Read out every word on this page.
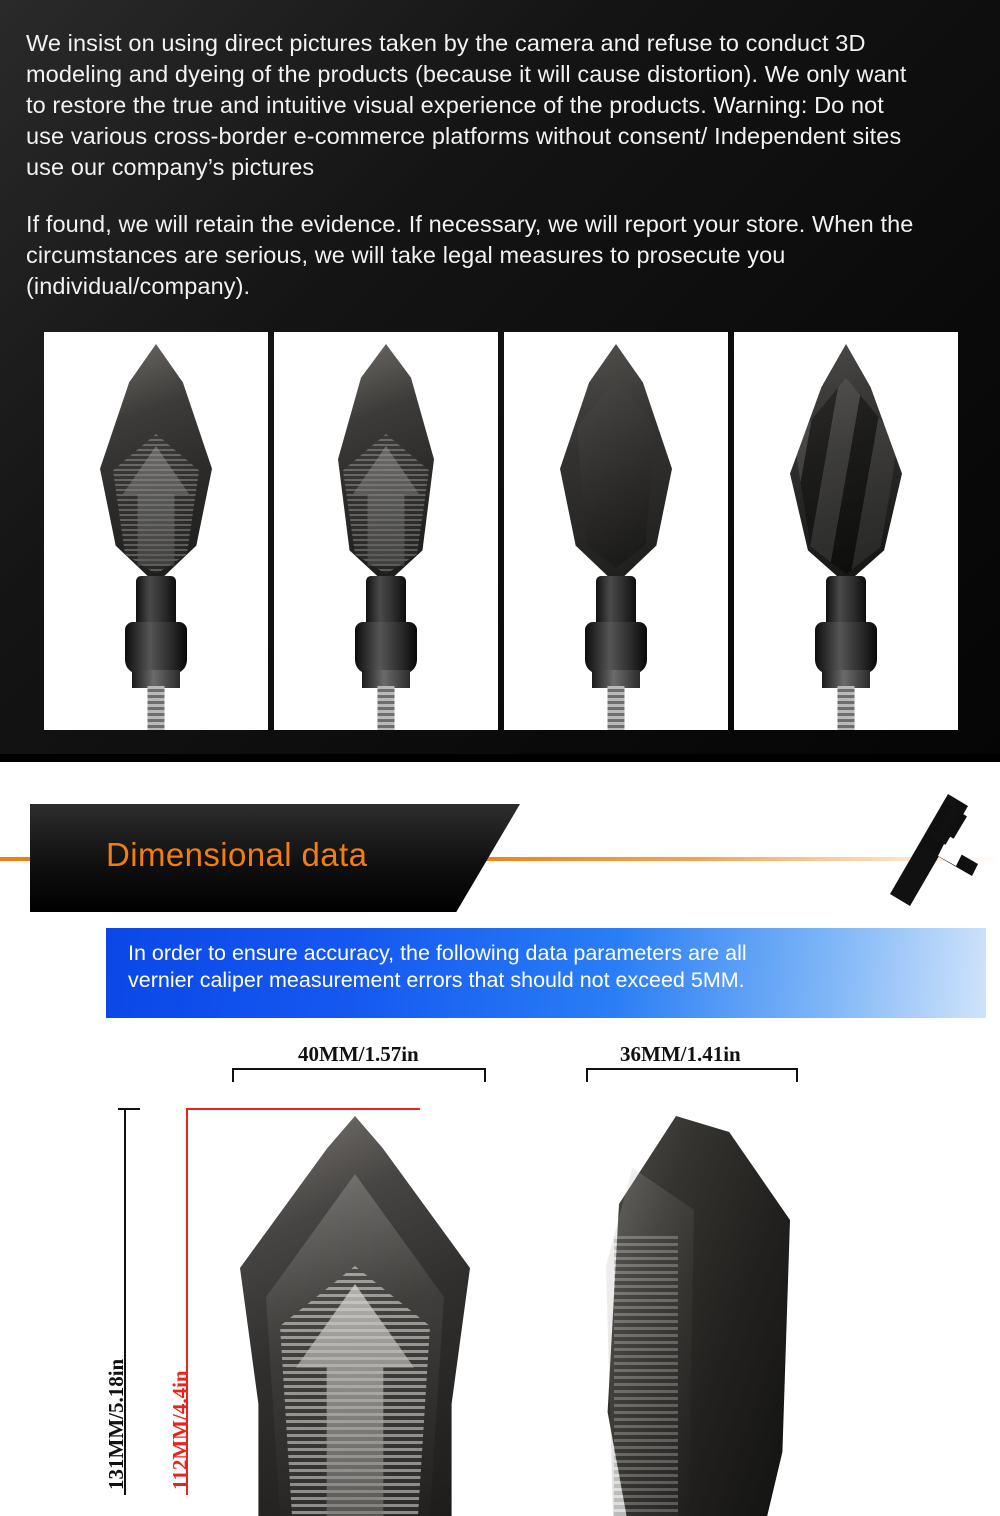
We insist on using direct pictures taken by the camera and refuse to conduct 3D modeling and dyeing of the products (because it will cause distortion). We only want to restore the true and intuitive visual experience of the products. Warning: Do not use various cross-border e-commerce platforms without consent/ Independent sites use our company’s pictures

If found, we will retain the evidence. If necessary, we will report your store. When the circumstances are serious, we will take legal measures to prosecute you (individual/company).

Dimensional data

In order to ensure accuracy, the following data parameters are all vernier caliper measurement errors that should not exceed 5MM.

40MM/1.57in	36MM/1.41in
131MM/5.18in 112MM/4.4in
